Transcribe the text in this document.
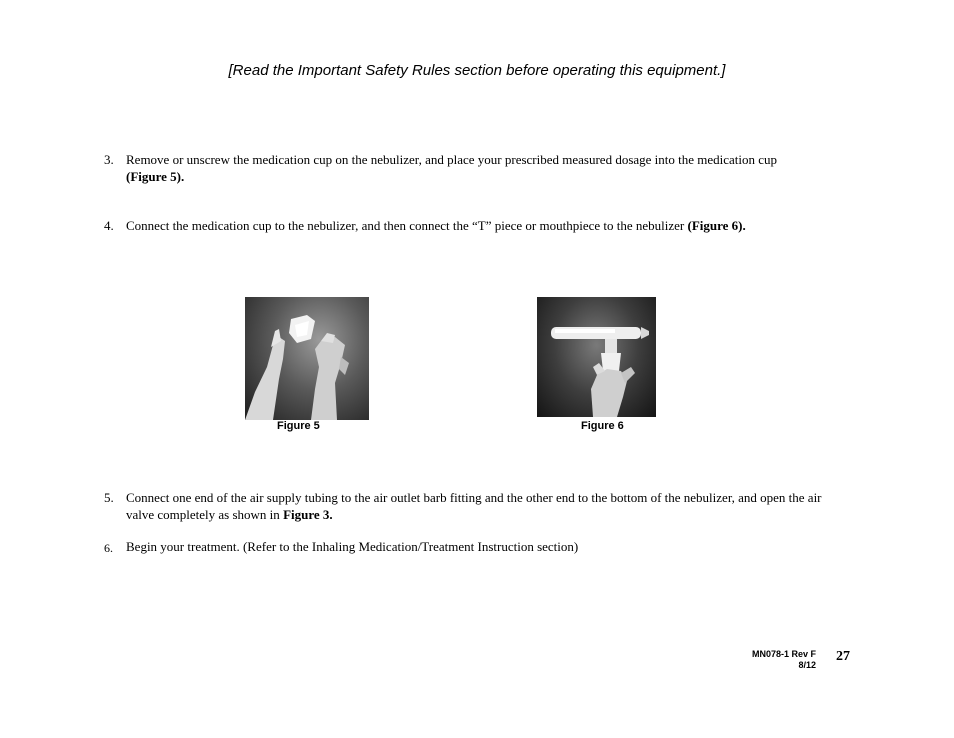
[Read the Important Safety Rules section before operating this equipment.]
3. Remove or unscrew the medication cup on the nebulizer, and place your prescribed measured dosage into the medication cup
(Figure 5).
4. Connect the medication cup to the nebulizer, and then connect the “T” piece or mouthpiece to the nebulizer (Figure 6).
Figure 5	Figure 6
5. Connect one end of the air supply tubing to the air outlet barb fitting and the other end to the bottom of the nebulizer, and open the air valve completely as shown in Figure 3.
6. Begin your treatment. (Refer to the Inhaling Medication/Treatment Instruction section)
MN078-1 Rev F
8/12
27
